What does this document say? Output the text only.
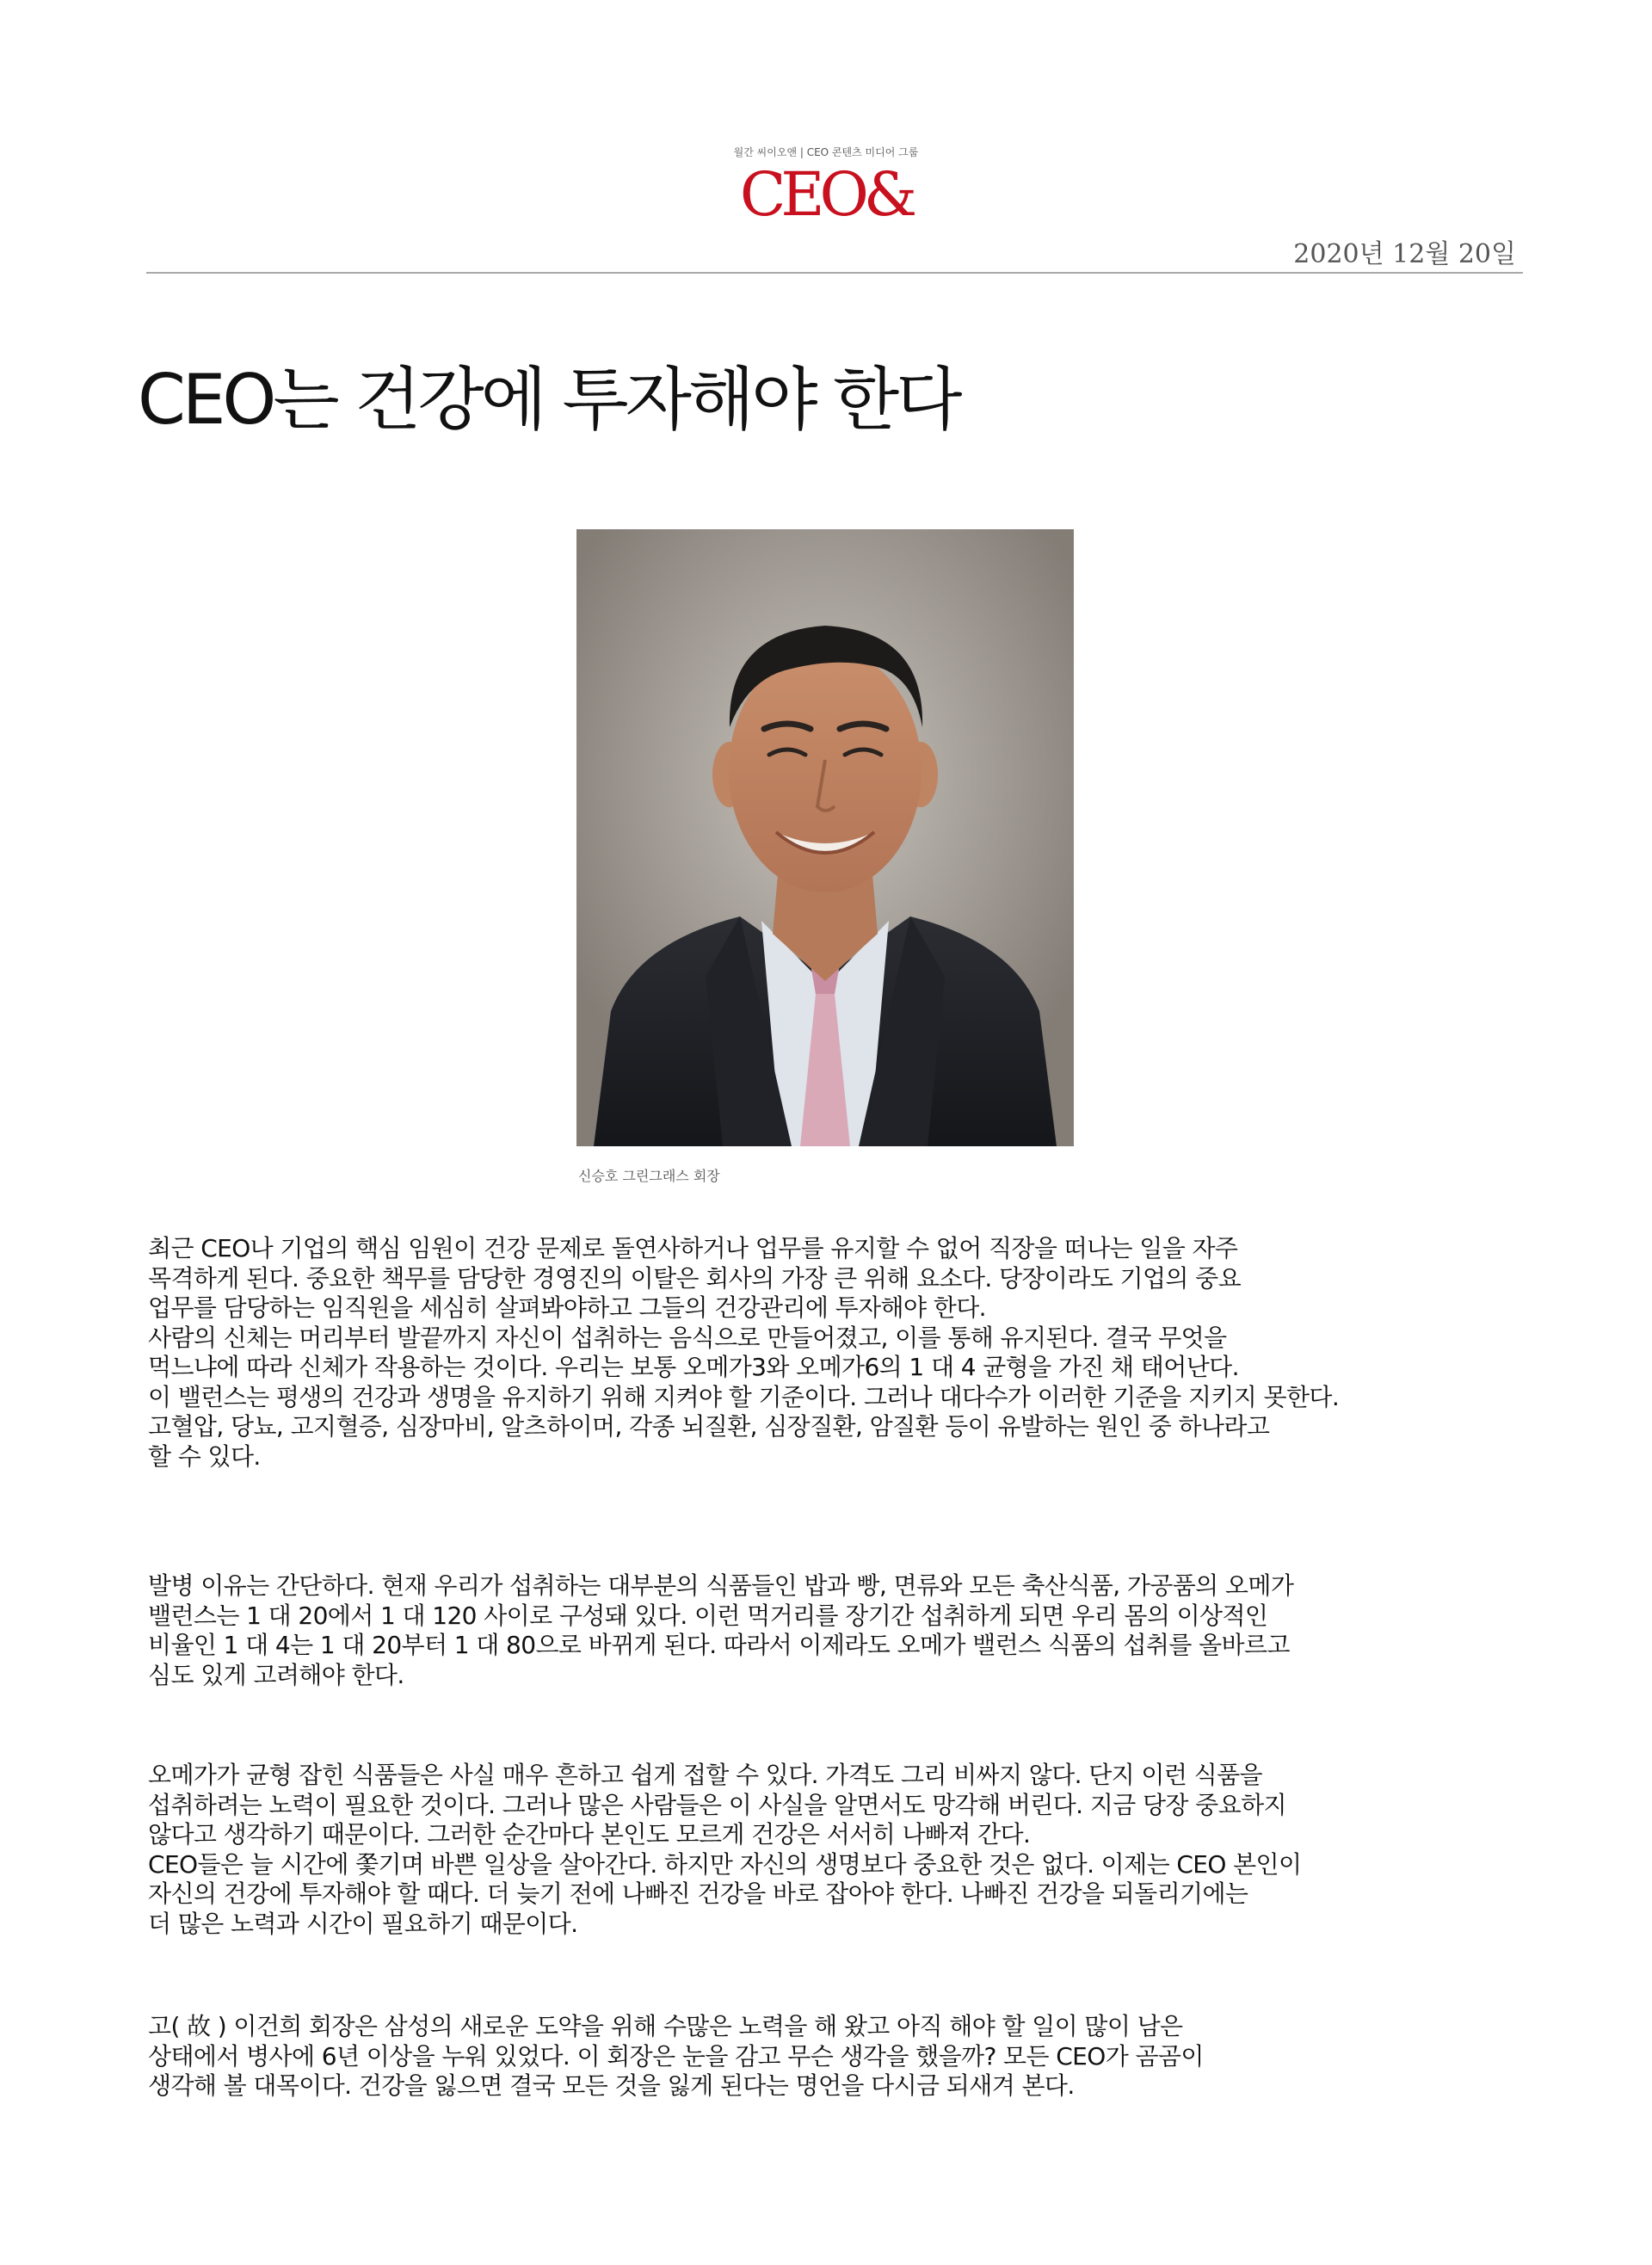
월간 씨이오앤 | CEO 콘텐츠 미디어 그룹
CEO&
2020년 12월 20일
CEO는 건강에 투자해야 한다
신승호 그린그래스 회장

최근 CEO나 기업의 핵심 임원이 건강 문제로 돌연사하거나 업무를 유지할 수 없어 직장을 떠나는 일을 자주

목격하게 된다. 중요한 책무를 담당한 경영진의 이탈은 회사의 가장 큰 위해 요소다. 당장이라도 기업의 중요

업무를 담당하는 임직원을 세심히 살펴봐야하고 그들의 건강관리에 투자해야 한다.

사람의 신체는 머리부터 발끝까지 자신이 섭취하는 음식으로 만들어졌고, 이를 통해 유지된다. 결국 무엇을

먹느냐에 따라 신체가 작용하는 것이다. 우리는 보통 오메가3와 오메가6의 1 대 4 균형을 가진 채 태어난다.

이 밸런스는 평생의 건강과 생명을 유지하기 위해 지켜야 할 기준이다. 그러나 대다수가 이러한 기준을 지키지 못한다.

고혈압, 당뇨, 고지혈증, 심장마비, 알츠하이머, 각종 뇌질환, 심장질환, 암질환 등이 유발하는 원인 중 하나라고

할 수 있다.

발병 이유는 간단하다. 현재 우리가 섭취하는 대부분의 식품들인 밥과 빵, 면류와 모든 축산식품, 가공품의 오메가

밸런스는 1 대 20에서 1 대 120 사이로 구성돼 있다. 이런 먹거리를 장기간 섭취하게 되면 우리 몸의 이상적인

비율인 1 대 4는 1 대 20부터 1 대 80으로 바뀌게 된다. 따라서 이제라도 오메가 밸런스 식품의 섭취를 올바르고

심도 있게 고려해야 한다.

오메가가 균형 잡힌 식품들은 사실 매우 흔하고 쉽게 접할 수 있다. 가격도 그리 비싸지 않다. 단지 이런 식품을

섭취하려는 노력이 필요한 것이다. 그러나 많은 사람들은 이 사실을 알면서도 망각해 버린다. 지금 당장 중요하지

않다고 생각하기 때문이다. 그러한 순간마다 본인도 모르게 건강은 서서히 나빠져 간다.

CEO들은 늘 시간에 쫓기며 바쁜 일상을 살아간다. 하지만 자신의 생명보다 중요한 것은 없다. 이제는 CEO 본인이

자신의 건강에 투자해야 할 때다. 더 늦기 전에 나빠진 건강을 바로 잡아야 한다. 나빠진 건강을 되돌리기에는

더 많은 노력과 시간이 필요하기 때문이다.

고( 故 ) 이건희 회장은 삼성의 새로운 도약을 위해 수많은 노력을 해 왔고 아직 해야 할 일이 많이 남은

상태에서 병사에 6년 이상을 누워 있었다. 이 회장은 눈을 감고 무슨 생각을 했을까? 모든 CEO가 곰곰이

생각해 볼 대목이다. 건강을 잃으면 결국 모든 것을 잃게 된다는 명언을 다시금 되새겨 본다.
